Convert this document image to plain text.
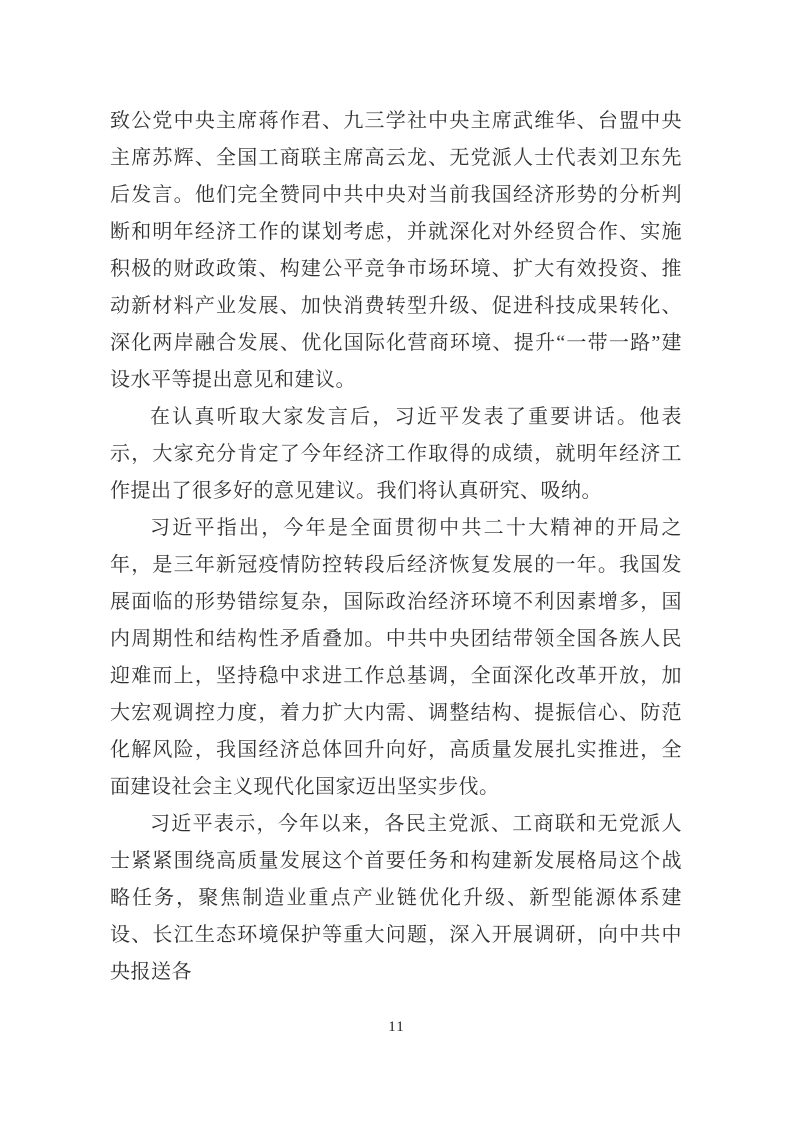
致公党中央主席蒋作君、九三学社中央主席武维华、台盟中央主席苏辉、全国工商联主席高云龙、无党派人士代表刘卫东先后发言。他们完全赞同中共中央对当前我国经济形势的分析判断和明年经济工作的谋划考虑，并就深化对外经贸合作、实施积极的财政政策、构建公平竞争市场环境、扩大有效投资、推动新材料产业发展、加快消费转型升级、促进科技成果转化、深化两岸融合发展、优化国际化营商环境、提升“一带一路”建设水平等提出意见和建议。

在认真听取大家发言后，习近平发表了重要讲话。他表示，大家充分肯定了今年经济工作取得的成绩，就明年经济工作提出了很多好的意见建议。我们将认真研究、吸纳。

习近平指出，今年是全面贯彻中共二十大精神的开局之年，是三年新冠疫情防控转段后经济恢复发展的一年。我国发展面临的形势错综复杂，国际政治经济环境不利因素增多，国内周期性和结构性矛盾叠加。中共中央团结带领全国各族人民迎难而上，坚持稳中求进工作总基调，全面深化改革开放，加大宏观调控力度，着力扩大内需、调整结构、提振信心、防范化解风险，我国经济总体回升向好，高质量发展扎实推进，全面建设社会主义现代化国家迈出坚实步伐。

习近平表示，今年以来，各民主党派、工商联和无党派人士紧紧围绕高质量发展这个首要任务和构建新发展格局这个战略任务，聚焦制造业重点产业链优化升级、新型能源体系建设、长江生态环境保护等重大问题，深入开展调研，向中共中央报送各

11
